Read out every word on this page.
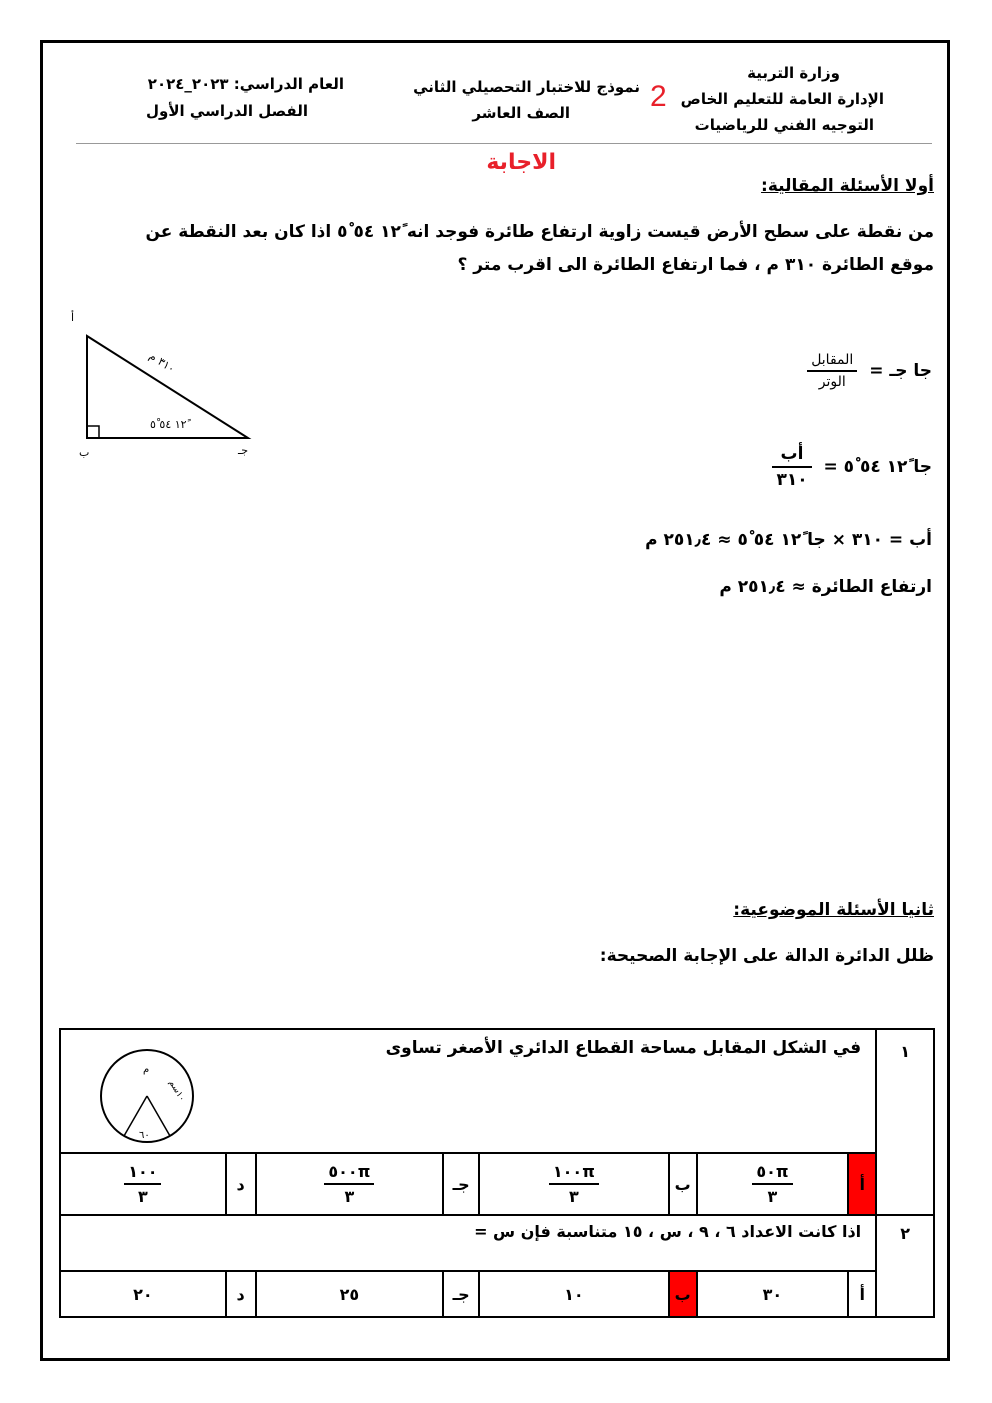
وزارة التربية
الإدارة العامة للتعليم الخاص
التوجيه الفني للرياضيات
2
نموذج للاختبار التحصيلي الثاني
الصف العاشر
العام الدراسي: ٢٠٢٣_٢٠٢٤
الفصل الدراسي الأول
الاجابة
أولا الأسئلة المقالية:
من نقطة على سطح الأرض قيست زاوية ارتفاع طائرة فوجد انه ١٢ً ٥٤ ٥ْ اذا كان بعد النقطة عن
موقع الطائرة ٣١٠ م ، فما ارتفاع الطائرة الى اقرب متر ؟
أ
ب	جـ
٣١٠ م
١٢ً ٥٤ ٥ْ
جا جـ =
$\frac{\text{المقابل}}{\text{الوتر}}$
جا ١٢ً ٥٤ ٥ْ =
$\frac{\text{أب}}{٣١٠}$
أب = ٣١٠ × جا ١٢ً ٥٤ ٥ْ ≈ ٢٥١٫٤ م
ارتفاع الطائرة ≈ ٢٥١٫٤ م
ثانيا الأسئلة الموضوعية:
ظلل الدائرة الدالة على الإجابة الصحيحة:
١	في الشكل المقابل مساحة القطاع الدائري الأصغر تساوى
م
١٠سم
٦٠							

	أ	$\frac{٥٠\pi}{٣}$	ب	$\frac{١٠٠\pi}{٣}$	جـ	$\frac{٥٠٠\pi}{٣}$	د	$\frac{١٠٠}{٣}$

٢	اذا كانت الاعداد ٦ ، ٩ ، س ، ١٥ متناسبة فإن س =							

	أ	٣٠	ب	١٠	جـ	٢٥	د	٢٠
